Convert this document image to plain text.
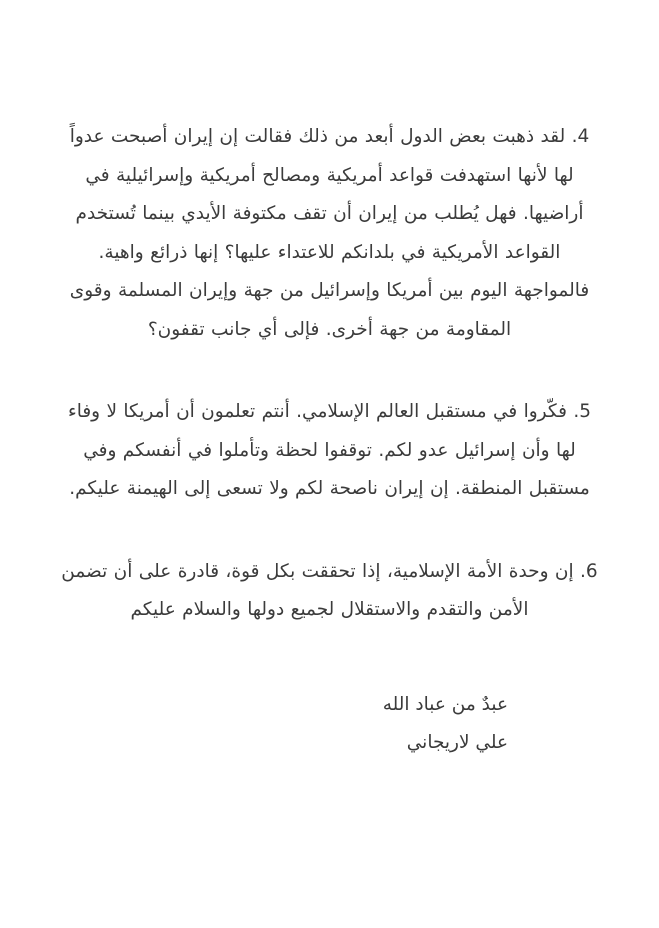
4. لقد ذهبت بعض الدول أبعد من ذلك فقالت إن إيران أصبحت عدواً لها لأنها استهدفت قواعد أمريكية ومصالح أمريكية وإسرائيلية في أراضيها. فهل يُطلب من إيران أن تقف مكتوفة الأيدي بينما تُستخدم القواعد الأمريكية في بلدانكم للاعتداء عليها؟ إنها ذرائع واهية. فالمواجهة اليوم بين أمريكا وإسرائيل من جهة وإيران المسلمة وقوى المقاومة من جهة أخرى. فإلى أي جانب تقفون؟

5. فكّروا في مستقبل العالم الإسلامي. أنتم تعلمون أن أمريكا لا وفاء لها وأن إسرائيل عدو لكم. توقفوا لحظة وتأملوا في أنفسكم وفي مستقبل المنطقة. إن إيران ناصحة لكم ولا تسعى إلى الهيمنة عليكم.

6. إن وحدة الأمة الإسلامية، إذا تحققت بكل قوة، قادرة على أن تضمن الأمن والتقدم والاستقلال لجميع دولها والسلام عليكم

عبدٌ من عباد الله
علي لاريجاني
